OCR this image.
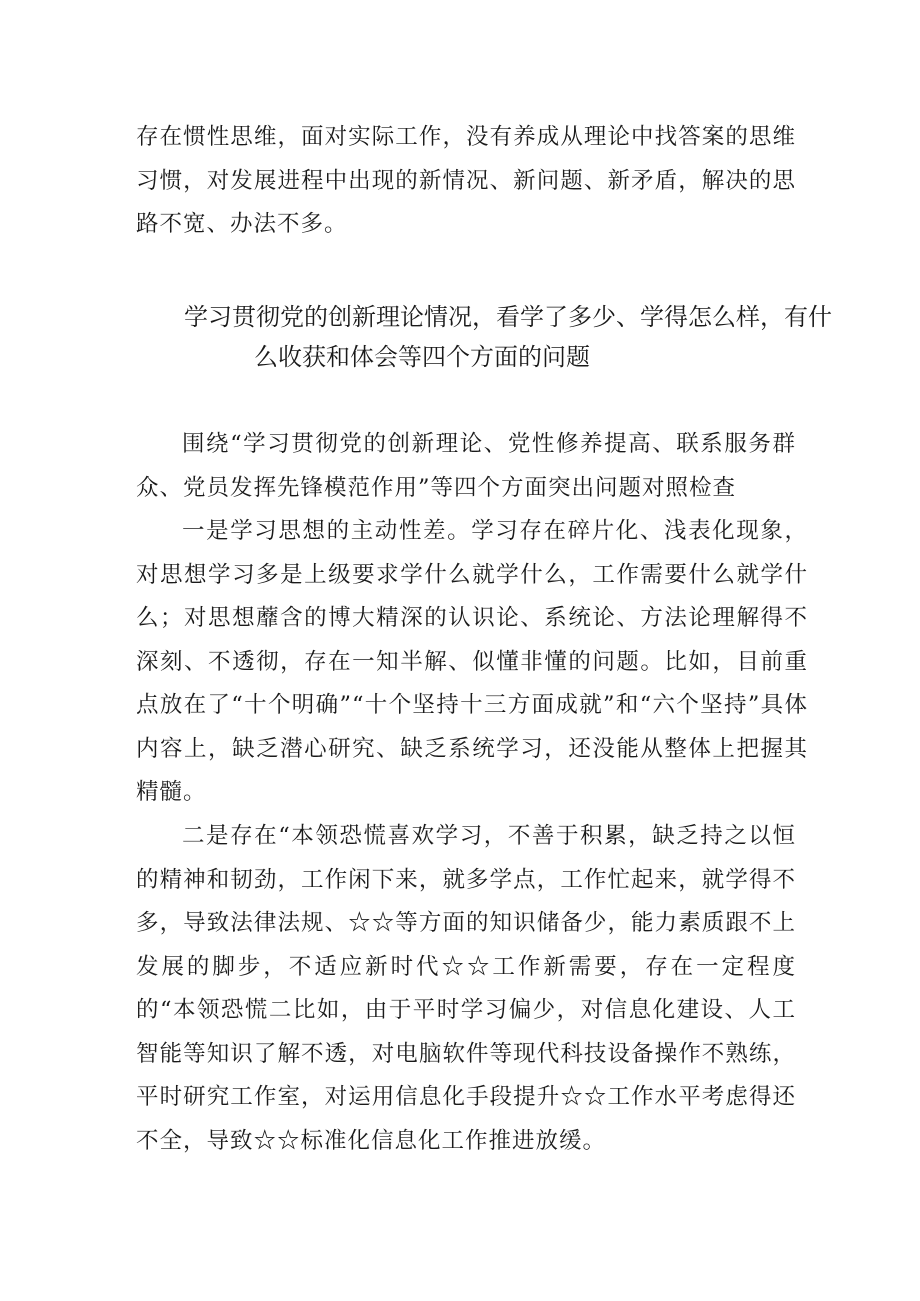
存在惯性思维，面对实际工作，没有养成从理论中找答案的思维习惯，对发展进程中出现的新情况、新问题、新矛盾，解决的思路不宽、办法不多。

学习贯彻党的创新理论情况，看学了多少、学得怎么样，有什
么收获和体会等四个方面的问题

围绕“学习贯彻党的创新理论、党性修养提高、联系服务群众、党员发挥先锋模范作用”等四个方面突出问题对照检查

一是学习思想的主动性差。学习存在碎片化、浅表化现象，对思想学习多是上级要求学什么就学什么，工作需要什么就学什么；对思想蘼含的博大精深的认识论、系统论、方法论理解得不深刻、不透彻，存在一知半解、似懂非懂的问题。比如，目前重点放在了“十个明确”“十个坚持十三方面成就”和“六个坚持”具体内容上，缺乏潜心研究、缺乏系统学习，还没能从整体上把握其精髓。

二是存在“本领恐慌喜欢学习，不善于积累，缺乏持之以恒的精神和韧劲，工作闲下来，就多学点，工作忙起来，就学得不多，导致法律法规、☆☆等方面的知识储备少，能力素质跟不上发展的脚步，不适应新时代☆☆工作新需要，存在一定程度的“本领恐慌二比如，由于平时学习偏少，对信息化建设、人工智能等知识了解不透，对电脑软件等现代科技设备操作不熟练，平时研究工作室，对运用信息化手段提升☆☆工作水平考虑得还不全，导致☆☆标准化信息化工作推进放缓。
